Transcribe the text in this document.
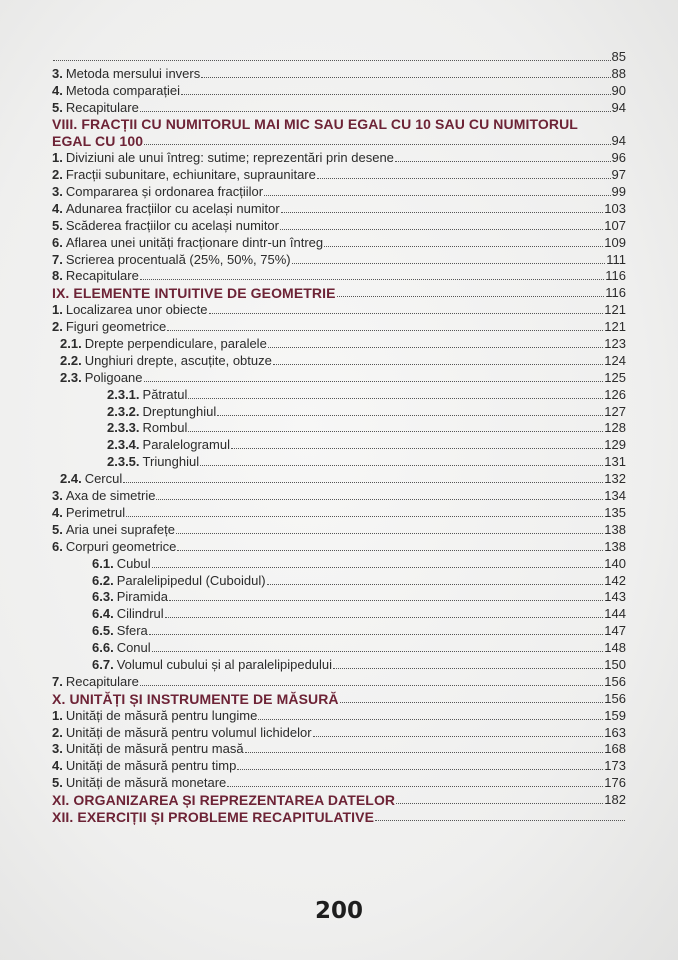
85
3. Metoda mersului invers	88
4. Metoda comparației	90
5. Recapitulare	94
VIII. FRACȚII CU NUMITORUL MAI MIC SAU EGAL CU 10 SAU CU NUMITORUL
EGAL CU 100	94
1. Diviziuni ale unui întreg: sutime; reprezentări prin desene	96
2. Fracții subunitare, echiunitare, supraunitare	97
3. Compararea și ordonarea fracțiilor	99
4. Adunarea fracțiilor cu același numitor	103
5. Scăderea fracțiilor cu același numitor	107
6. Aflarea unei unități fracționare dintr-un întreg	109
7. Scrierea procentuală (25%, 50%, 75%)	111
8. Recapitulare	116
IX. ELEMENTE INTUITIVE DE GEOMETRIE	116
1. Localizarea unor obiecte	121
2. Figuri geometrice	121
2.1. Drepte perpendiculare, paralele	123
2.2. Unghiuri drepte, ascuțite, obtuze	124
2.3. Poligoane	125
2.3.1. Pătratul	126
2.3.2. Dreptunghiul	127
2.3.3. Rombul	128
2.3.4. Paralelogramul	129
2.3.5. Triunghiul	131
2.4. Cercul	132
3. Axa de simetrie	134
4. Perimetrul	135
5. Aria unei suprafețe	138
6. Corpuri geometrice	138
6.1. Cubul	140
6.2. Paralelipipedul (Cuboidul)	142
6.3. Piramida	143
6.4. Cilindrul	144
6.5. Sfera	147
6.6. Conul	148
6.7. Volumul cubului și al paralelipipedului	150
7. Recapitulare	156
X. UNITĂȚI ȘI INSTRUMENTE DE MĂSURĂ	156
1. Unități de măsură pentru lungime	159
2. Unități de măsură pentru volumul lichidelor	163
3. Unități de măsură pentru masă	168
4. Unități de măsură pentru timp	173
5. Unități de măsură monetare	176
XI. ORGANIZAREA ȘI REPREZENTAREA DATELOR	182
XII. EXERCIȚII ȘI PROBLEME RECAPITULATIVE
200
